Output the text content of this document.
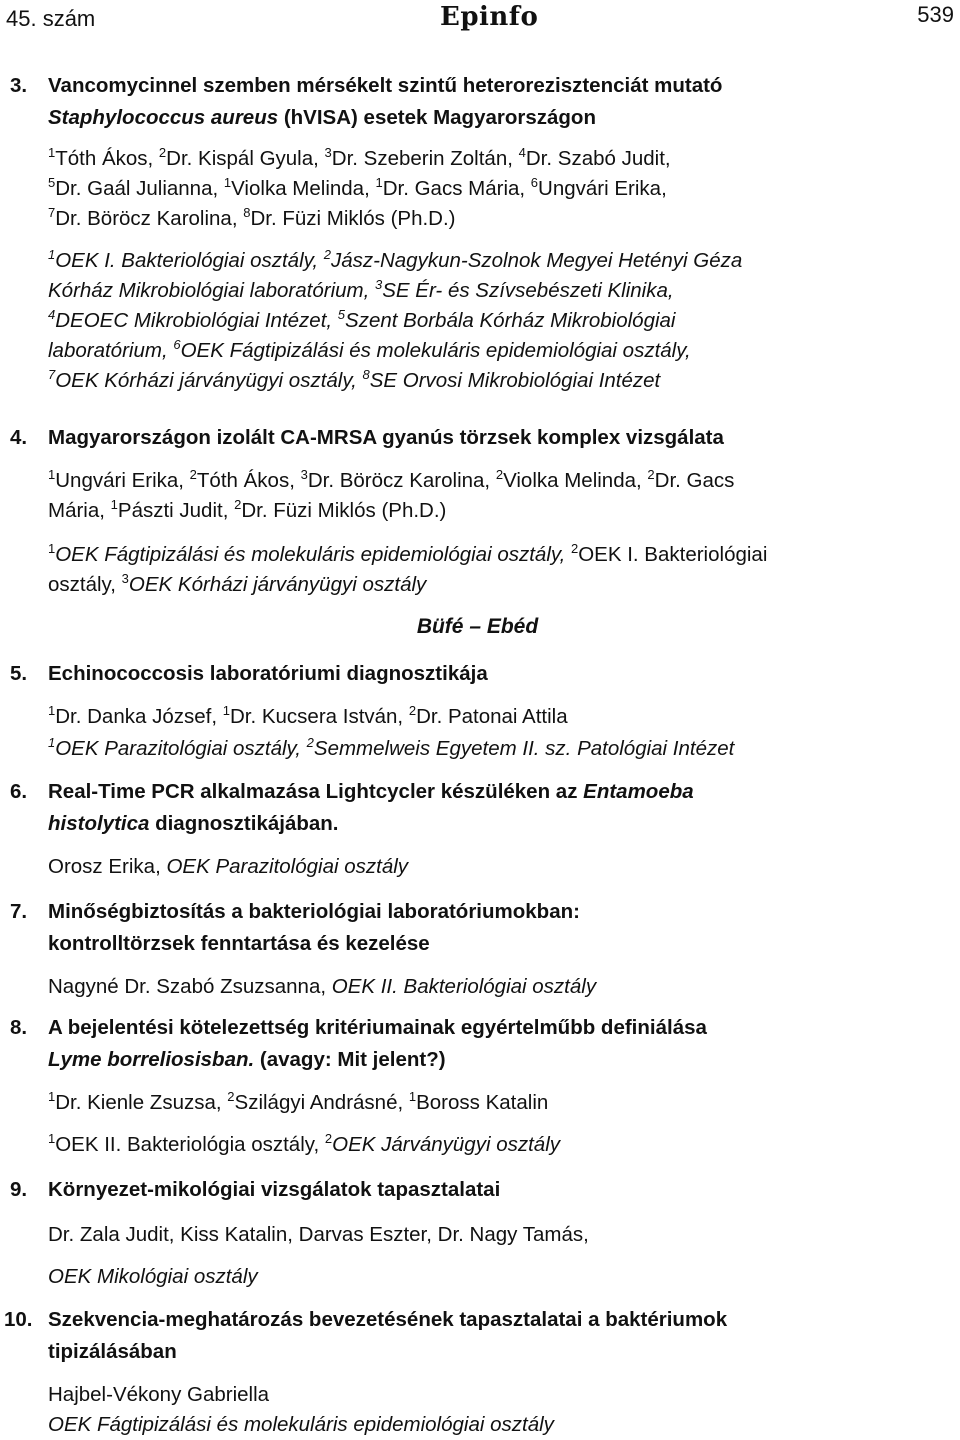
45. szám	Epinfo	539
3. Vancomycinnel szemben mérsékelt szintű heterorezisztenciát mutató
Staphylococcus aureus (hVISA) esetek Magyarországon
$^1$Tóth Ákos, $^2$Dr. Kispál Gyula, $^3$Dr. Szeberin Zoltán, $^4$Dr. Szabó Judit,
$^5$Dr. Gaál Julianna, $^1$Violka Melinda, $^1$Dr. Gacs Mária, $^6$Ungvári Erika,
$^7$Dr. Böröcz Karolina, $^8$Dr. Füzi Miklós (Ph.D.)
$^1$OEK I. Bakteriológiai osztály, $^2$Jász-Nagykun-Szolnok Megyei Hetényi Géza
Kórház Mikrobiológiai laboratórium, $^3$SE Ér- és Szívsebészeti Klinika,
$^4$DEOEC Mikrobiológiai Intézet, $^5$Szent Borbála Kórház Mikrobiológiai
laboratórium, $^6$OEK Fágtipizálási és molekuláris epidemiológiai osztály,
$^7$OEK Kórházi járványügyi osztály, $^8$SE Orvosi Mikrobiológiai Intézet
4. Magyarországon izolált CA-MRSA gyanús törzsek komplex vizsgálata
$^1$Ungvári Erika, $^2$Tóth Ákos, $^3$Dr. Böröcz Karolina, $^2$Violka Melinda, $^2$Dr. Gacs
Mária, $^1$Pászti Judit, $^2$Dr. Füzi Miklós (Ph.D.)
$^1$OEK Fágtipizálási és molekuláris epidemiológiai osztály, $^2$OEK I. Bakteriológiai
osztály, $^3$OEK Kórházi járványügyi osztály
Büfé – Ebéd
5. Echinococcosis laboratóriumi diagnosztikája
$^1$Dr. Danka József, $^1$Dr. Kucsera István, $^2$Dr. Patonai Attila
$^1$OEK Parazitológiai osztály, $^2$Semmelweis Egyetem II. sz. Patológiai Intézet
6. Real-Time PCR alkalmazása Lightcycler készüléken az Entamoeba
histolytica diagnosztikájában.
Orosz Erika, OEK Parazitológiai osztály
7. Minőségbiztosítás a bakteriológiai laboratóriumokban:
kontrolltörzsek fenntartása és kezelése
Nagyné Dr. Szabó Zsuzsanna, OEK II. Bakteriológiai osztály
8. A bejelentési kötelezettség kritériumainak egyértelműbb definiálása
Lyme borreliosisban. (avagy: Mit jelent?)
$^1$Dr. Kienle Zsuzsa, $^2$Szilágyi Andrásné, $^1$Boross Katalin
$^1$OEK II. Bakteriológia osztály, $^2$OEK Járványügyi osztály
9. Környezet-mikológiai vizsgálatok tapasztalatai
Dr. Zala Judit, Kiss Katalin, Darvas Eszter, Dr. Nagy Tamás,
OEK Mikológiai osztály
10. Szekvencia-meghatározás bevezetésének tapasztalatai a baktériumok
tipizálásában
Hajbel-Vékony Gabriella
OEK Fágtipizálási és molekuláris epidemiológiai osztály
